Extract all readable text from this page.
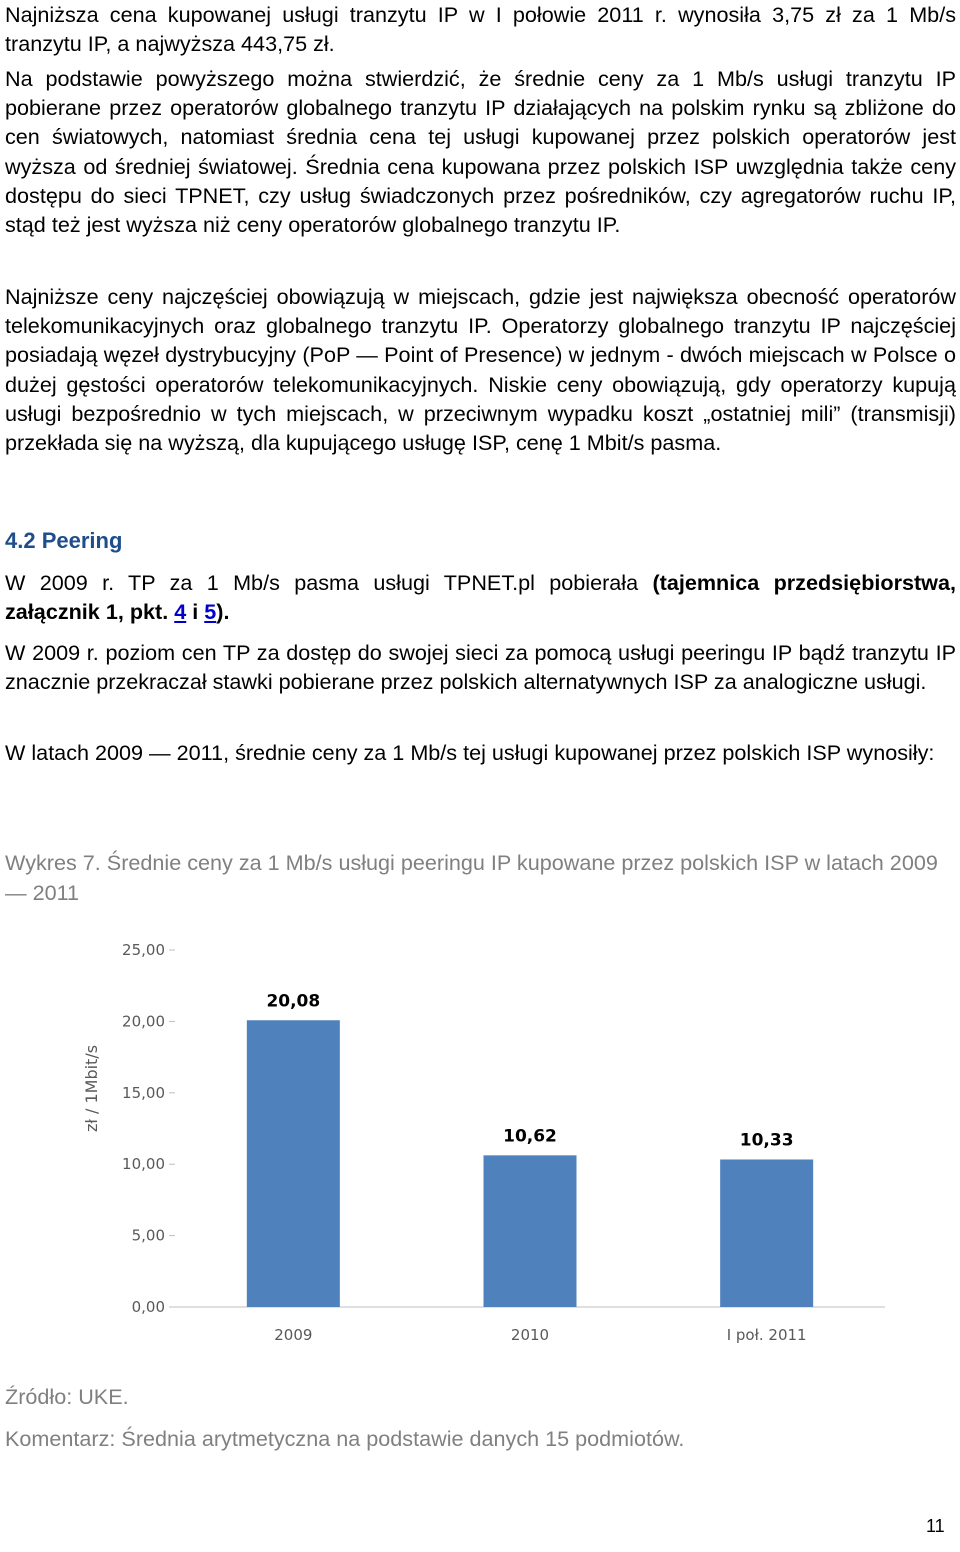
Najniższa cena kupowanej usługi tranzytu IP w I połowie 2011 r. wynosiła 3,75 zł za 1 Mb/s tranzytu IP, a najwyższa 443,75 zł.

Na podstawie powyższego można stwierdzić, że średnie ceny za 1 Mb/s usługi tranzytu IP pobierane przez operatorów globalnego tranzytu IP działających na polskim rynku są zbliżone do cen światowych, natomiast średnia cena tej usługi kupowanej przez polskich operatorów jest wyższa od średniej światowej. Średnia cena kupowana przez polskich ISP uwzględnia także ceny dostępu do sieci TPNET, czy usług świadczonych przez pośredników, czy agregatorów ruchu IP, stąd też jest wyższa niż ceny operatorów globalnego tranzytu IP.

Najniższe ceny najczęściej obowiązują w miejscach, gdzie jest największa obecność operatorów telekomunikacyjnych oraz globalnego tranzytu IP. Operatorzy globalnego tranzytu IP najczęściej posiadają węzeł dystrybucyjny (PoP — Point of Presence) w jednym - dwóch miejscach w Polsce o dużej gęstości operatorów telekomunikacyjnych. Niskie ceny obowiązują, gdy operatorzy kupują usługi bezpośrednio w tych miejscach, w przeciwnym wypadku koszt „ostatniej mili” (transmisji) przekłada się na wyższą, dla kupującego usługę ISP, cenę 1 Mbit/s pasma.

4.2 Peering

W 2009 r. TP za 1 Mb/s pasma usługi TPNET.pl pobierała (tajemnica przedsiębiorstwa, załącznik 1, pkt. 4 i 5).

W 2009 r. poziom cen TP za dostęp do swojej sieci za pomocą usługi peeringu IP bądź tranzytu IP znacznie przekraczał stawki pobierane przez polskich alternatywnych ISP za analogiczne usługi.

W latach 2009 — 2011, średnie ceny za 1 Mb/s tej usługi kupowanej przez polskich ISP wynosiły:

Wykres 7. Średnie ceny za 1 Mb/s usługi peeringu IP kupowane przez polskich ISP w latach 2009 — 2011

0,00
5,00
10,00
15,00
20,00
25,00
zł / 1Mbit/s
20,08
2009
10,62
2010
10,33
I poł. 2011

Źródło: UKE.

Komentarz: Średnia arytmetyczna na podstawie danych 15 podmiotów.

11
